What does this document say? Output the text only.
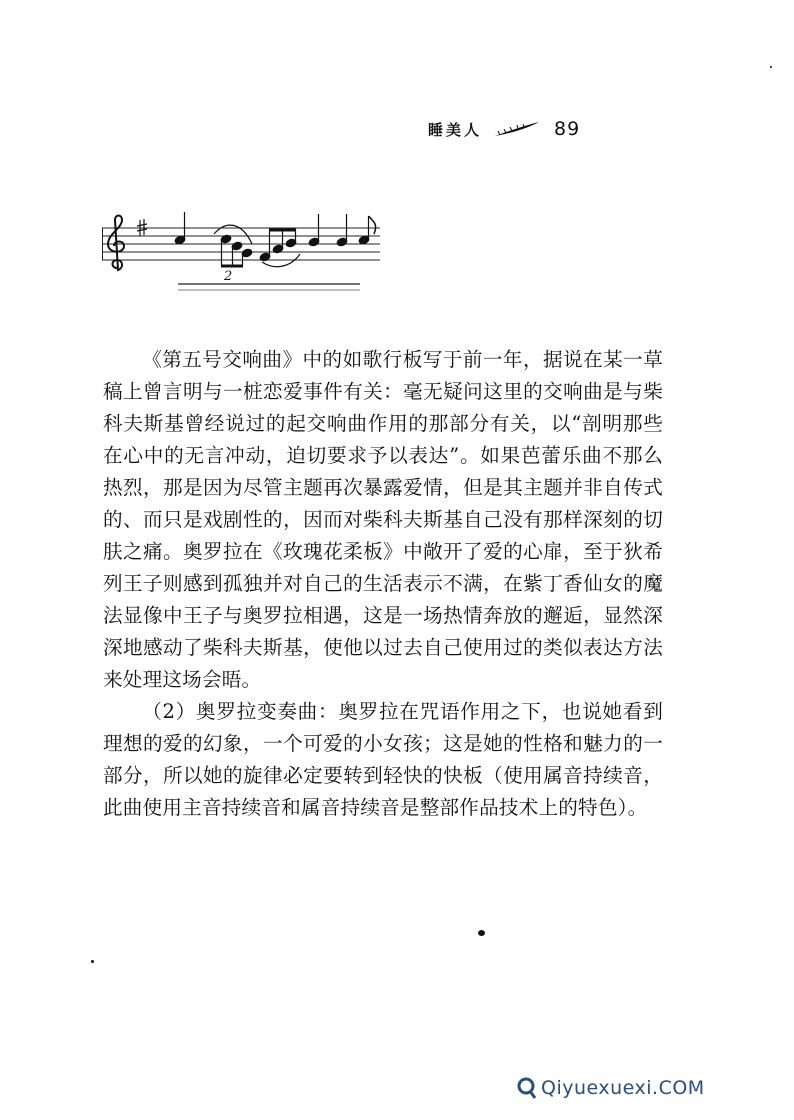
睡美人	89
2

《第五号交响曲》中的如歌行板写于前一年，据说在某一草稿上曾言明与一桩恋爱事件有关：毫无疑问这里的交响曲是与柴科夫斯基曾经说过的起交响曲作用的那部分有关，以“剖明那些在心中的无言冲动，迫切要求予以表达”。如果芭蕾乐曲不那么热烈，那是因为尽管主题再次暴露爱情，但是其主题并非自传式的、而只是戏剧性的，因而对柴科夫斯基自己没有那样深刻的切肤之痛。奥罗拉在《玫瑰花柔板》中敞开了爱的心扉，至于狄希列王子则感到孤独并对自己的生活表示不满，在紫丁香仙女的魔法显像中王子与奥罗拉相遇，这是一场热情奔放的邂逅，显然深深地感动了柴科夫斯基，使他以过去自己使用过的类似表达方法来处理这场会晤。

（2）奥罗拉变奏曲：奥罗拉在咒语作用之下，也说她看到理想的爱的幻象，一个可爱的小女孩；这是她的性格和魅力的一部分，所以她的旋律必定要转到轻快的快板（使用属音持续音，此曲使用主音持续音和属音持续音是整部作品技术上的特色）。

Qiyuexuexi.COM
